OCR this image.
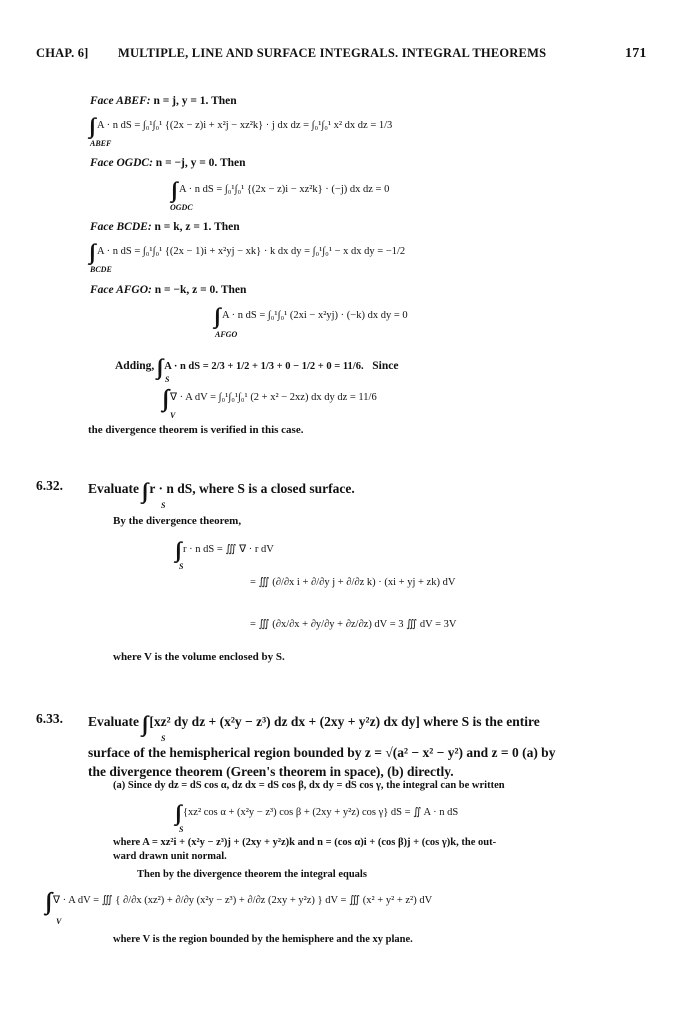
CHAP. 6] MULTIPLE, LINE AND SURFACE INTEGRALS. INTEGRAL THEOREMS	171
Face ABEF: n = j, y = 1. Then
A · n dS = ∫₀¹∫₀¹ {(2x − z)i + x²j − xz²k} · j dx dz = ∫₀¹∫₀¹ x² dx dz = 1/3
ABEF
Face OGDC: n = −j, y = 0. Then
A · n dS = ∫₀¹∫₀¹ {(2x − z)i − xz²k} · (−j) dx dz = 0
OGDC
Face BCDE: n = k, z = 1. Then
A · n dS = ∫₀¹∫₀¹ {(2x − 1)i + x²yj − xk} · k dx dy = ∫₀¹∫₀¹ − x dx dy = −1/2
BCDE
Face AFGO: n = −k, z = 0. Then
A · n dS = ∫₀¹∫₀¹ (2xi − x²yj) · (−k) dx dy = 0
AFGO
Adding, A · n dS = 2/3 + 1/2 + 1/3 + 0 − 1/2 + 0 = 11/6. Since
S
∇ · A dV = ∫₀¹∫₀¹∫₀¹ (2 + x² − 2xz) dx dy dz = 11/6
V
the divergence theorem is verified in this case.
6.32. Evaluate r · n dS, where S is a closed surface.
S
By the divergence theorem,
r · n dS = ∭ ∇ · r dV
S
= ∭ (∂/∂x i + ∂/∂y j + ∂/∂z k) · (xi + yj + zk) dV
= ∭ (∂x/∂x + ∂y/∂y + ∂z/∂z) dV = 3 ∭ dV = 3V
where V is the volume enclosed by S.
6.33. Evaluate [xz² dy dz + (x²y − z³) dz dx + (2xy + y²z) dx dy] where S is the entire
S
surface of the hemispherical region bounded by z = √(a² − x² − y²) and z = 0 (a) by
the divergence theorem (Green's theorem in space), (b) directly.
(a) Since dy dz = dS cos α, dz dx = dS cos β, dx dy = dS cos γ, the integral can be written
{xz² cos α + (x²y − z³) cos β + (2xy + y²z) cos γ} dS = ∬ A · n dS
S
where A = xz²i + (x²y − z³)j + (2xy + y²z)k and n = (cos α)i + (cos β)j + (cos γ)k, the out-
ward drawn unit normal.
Then by the divergence theorem the integral equals
∇ · A dV = ∭ { ∂/∂x (xz²) + ∂/∂y (x²y − z³) + ∂/∂z (2xy + y²z) } dV = ∭ (x² + y² + z²) dV
V
where V is the region bounded by the hemisphere and the xy plane.
